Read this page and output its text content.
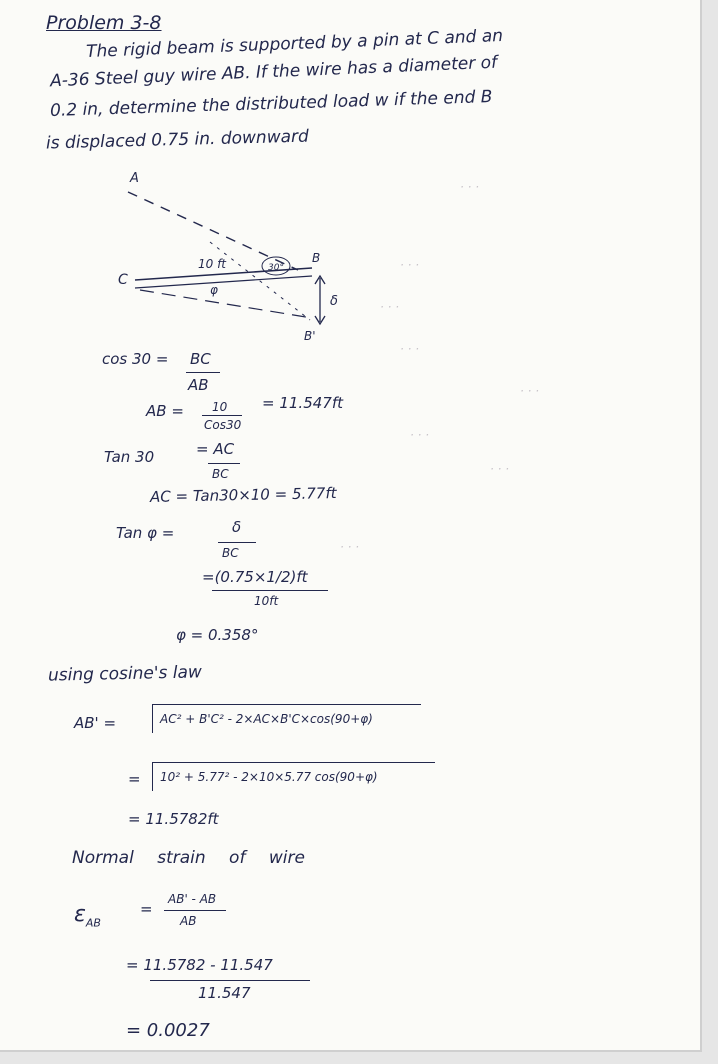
Problem 3-8
The rigid beam is supported by a pin at C and an
A-36 Steel guy wire AB. If the wire has a diameter of
0.2 in, determine the distributed load w if the end B
is displaced 0.75 in. downward
A
C
B
B'
10 ft	30°
φ
δ
cos 30 = BC
AB
AB = 10
Cos30
= 11.547ft
Tan 30	= AC
BC
AC = Tan30×10 = 5.77ft
Tan φ =	δ
BC
=(0.75×1/2)ft
10ft
φ = 0.358°
using cosine's law
AB' =	AC² + B'C² - 2×AC×B'C×cos(90+φ)
= 10² + 5.77² - 2×10×5.77 cos(90+φ)
= 11.5782ft
Normal strain of wire
$\varepsilon_{AB}$
=
AB' - AB
AB
= 11.5782 - 11.547
11.547
= 0.0027
· · ·
· · ·
· · ·
· · ·
· · ·
· · ·
· · ·
· · ·
